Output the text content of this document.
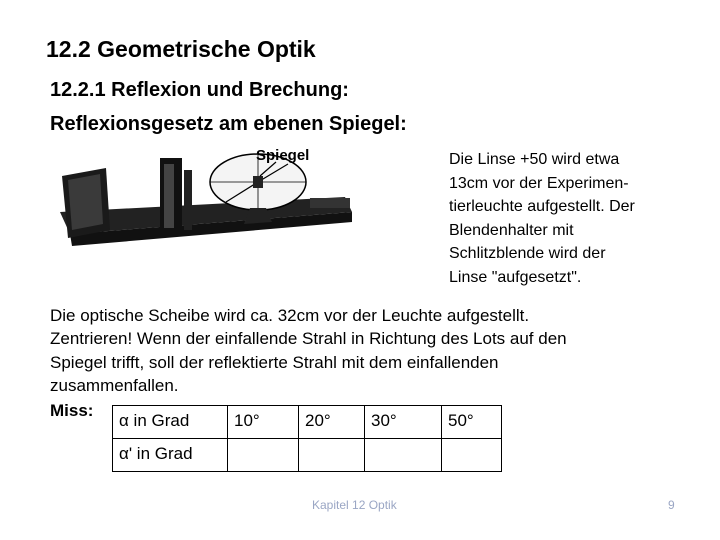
12.2 Geometrische Optik
12.2.1 Reflexion und Brechung:
Reflexionsgesetz am ebenen Spiegel:
Spiegel	Die Linse +50 wird etwa
13cm vor der Experimen-
tierleuchte aufgestellt. Der
Blendenhalter mit
Schlitzblende wird der
Linse "aufgesetzt".
Die optische Scheibe wird ca. 32cm vor der Leuchte aufgestellt.
Zentrieren! Wenn der einfallende Strahl in Richtung des Lots auf den
Spiegel trifft, soll der reflektierte Strahl mit dem einfallenden
zusammenfallen.
Miss:
α in Grad	10°	20°	30°	50°
α' in Grad				
Kapitel 12 Optik	9
